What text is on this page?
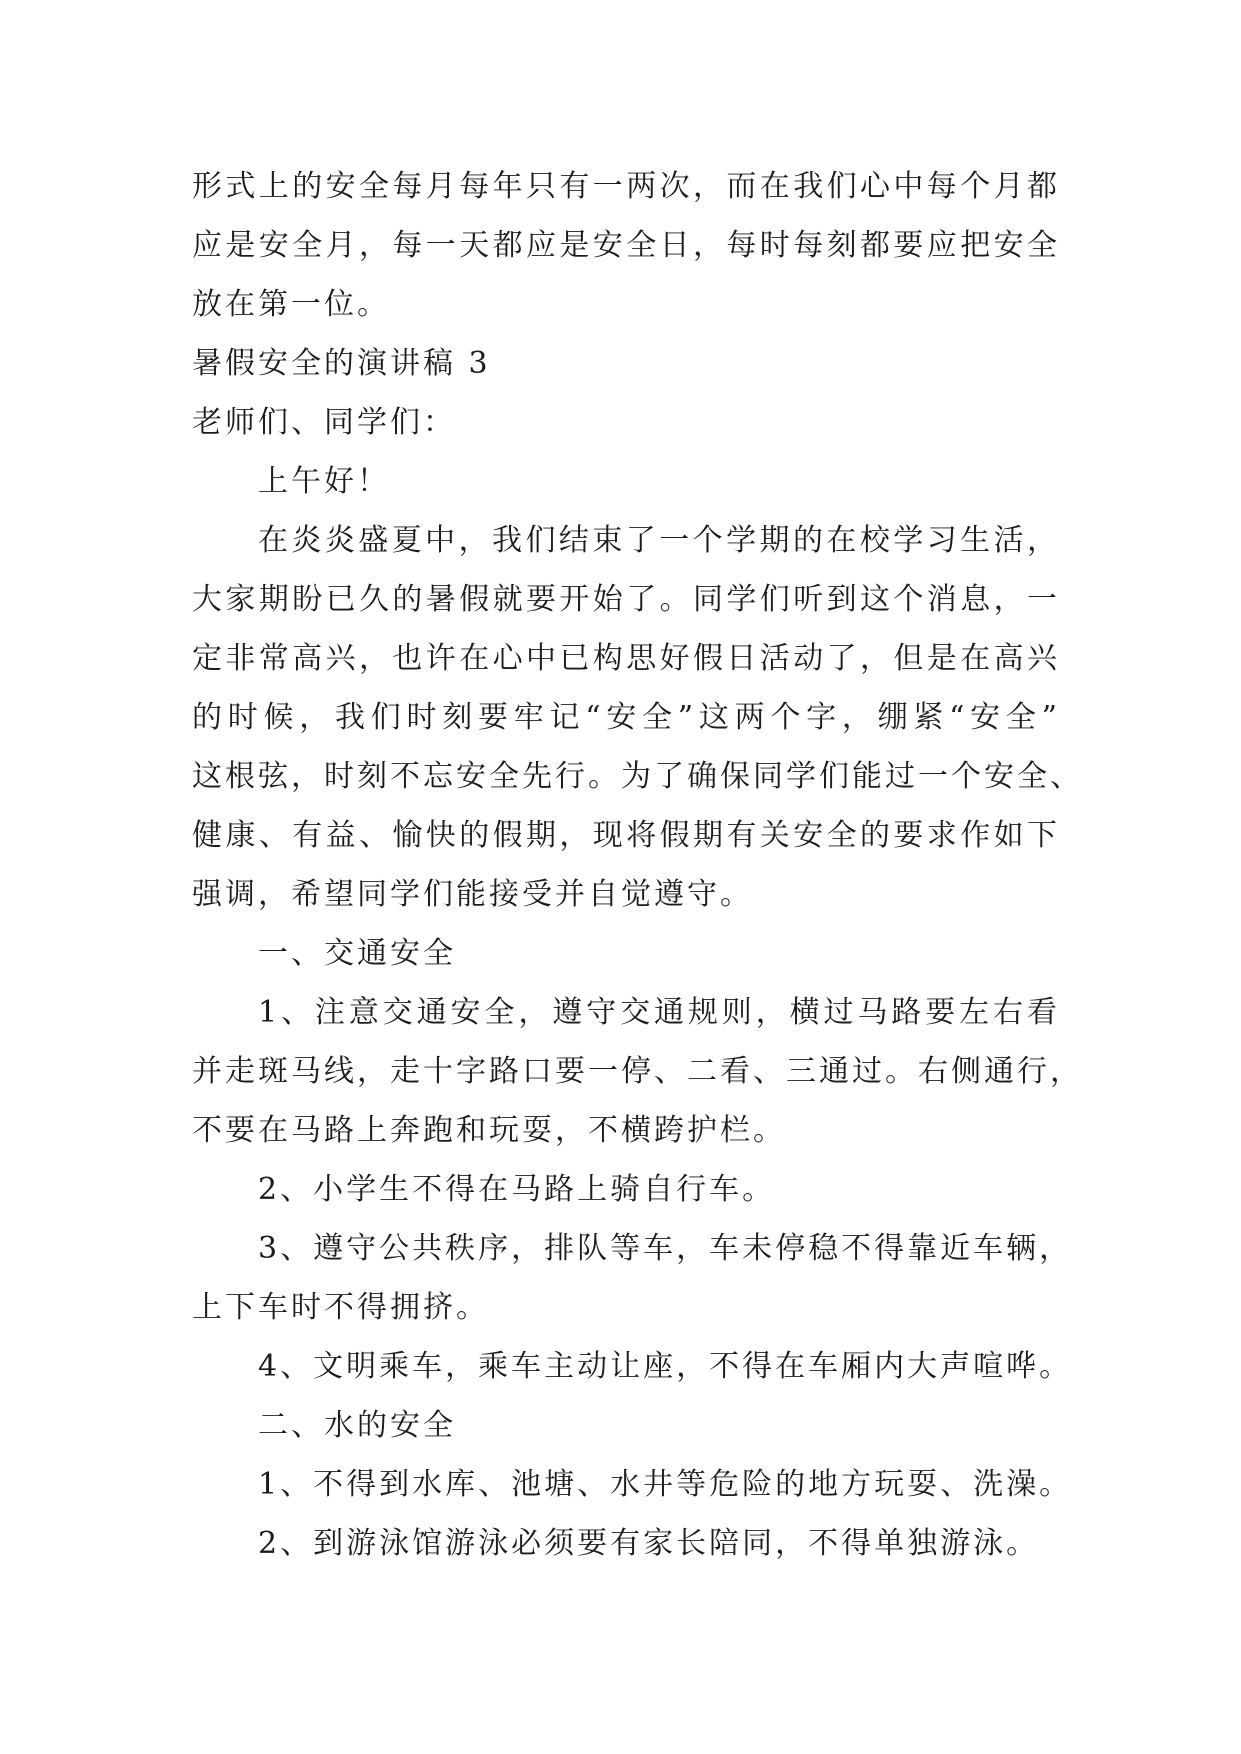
形式上的安全每月每年只有一两次，而在我们心中每个月都
应是安全月，每一天都应是安全日，每时每刻都要应把安全
放在第一位。
暑假安全的演讲稿 3
老师们、同学们：
上午好！
在炎炎盛夏中，我们结束了一个学期的在校学习生活，
大家期盼已久的暑假就要开始了。同学们听到这个消息，一
定非常高兴，也许在心中已构思好假日活动了，但是在高兴
的时候，我们时刻要牢记“安全”这两个字，绷紧“安全”
这根弦，时刻不忘安全先行。为了确保同学们能过一个安全、
健康、有益、愉快的假期，现将假期有关安全的要求作如下
强调，希望同学们能接受并自觉遵守。
一、交通安全
1、注意交通安全，遵守交通规则，横过马路要左右看
并走斑马线，走十字路口要一停、二看、三通过。右侧通行，
不要在马路上奔跑和玩耍，不横跨护栏。
2、小学生不得在马路上骑自行车。
3、遵守公共秩序，排队等车，车未停稳不得靠近车辆，
上下车时不得拥挤。
4、文明乘车，乘车主动让座，不得在车厢内大声喧哗。
二、水的安全
1、不得到水库、池塘、水井等危险的地方玩耍、洗澡。
2、到游泳馆游泳必须要有家长陪同，不得单独游泳。
